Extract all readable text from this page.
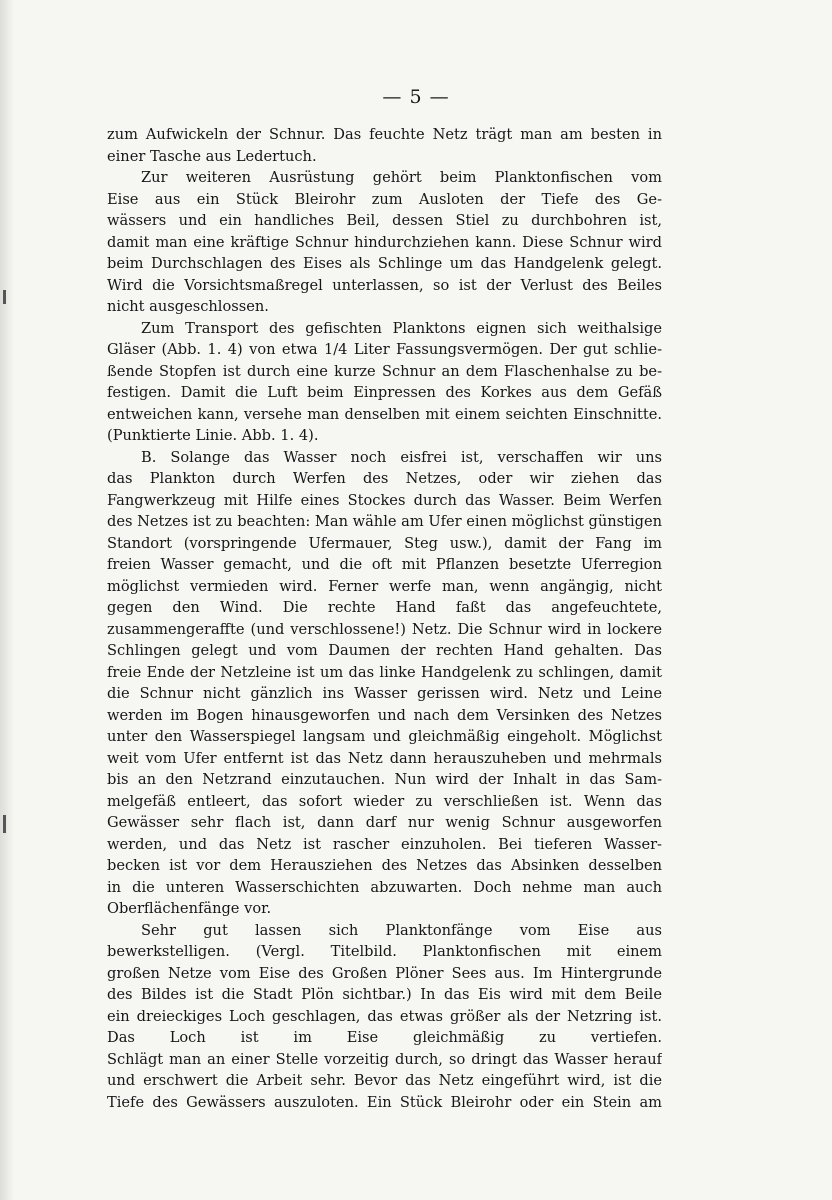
— 5 —
zum Aufwickeln der Schnur. Das feuchte Netz trägt man am besten in
einer Tasche aus Ledertuch.
Zur weiteren Ausrüstung gehört beim Planktonfischen vom
Eise aus ein Stück Bleirohr zum Ausloten der Tiefe des Ge-
wässers und ein handliches Beil, dessen Stiel zu durchbohren ist,
damit man eine kräftige Schnur hindurchziehen kann. Diese Schnur wird
beim Durchschlagen des Eises als Schlinge um das Handgelenk gelegt.
Wird die Vorsichtsmaßregel unterlassen, so ist der Verlust des Beiles
nicht ausgeschlossen.
Zum Transport des gefischten Planktons eignen sich weithalsige
Gläser (Abb. 1. 4) von etwa 1/4 Liter Fassungsvermögen. Der gut schlie-
ßende Stopfen ist durch eine kurze Schnur an dem Flaschenhalse zu be-
festigen. Damit die Luft beim Einpressen des Korkes aus dem Gefäß
entweichen kann, versehe man denselben mit einem seichten Einschnitte.
(Punktierte Linie. Abb. 1. 4).
B. Solange das Wasser noch eisfrei ist, verschaffen wir uns
das Plankton durch Werfen des Netzes, oder wir ziehen das
Fangwerkzeug mit Hilfe eines Stockes durch das Wasser. Beim Werfen
des Netzes ist zu beachten: Man wähle am Ufer einen möglichst günstigen
Standort (vorspringende Ufermauer, Steg usw.), damit der Fang im
freien Wasser gemacht, und die oft mit Pflanzen besetzte Uferregion
möglichst vermieden wird. Ferner werfe man, wenn angängig, nicht
gegen den Wind. Die rechte Hand faßt das angefeuchtete,
zusammengeraffte (und verschlossene!) Netz. Die Schnur wird in lockere
Schlingen gelegt und vom Daumen der rechten Hand gehalten. Das
freie Ende der Netzleine ist um das linke Handgelenk zu schlingen, damit
die Schnur nicht gänzlich ins Wasser gerissen wird. Netz und Leine
werden im Bogen hinausgeworfen und nach dem Versinken des Netzes
unter den Wasserspiegel langsam und gleichmäßig eingeholt. Möglichst
weit vom Ufer entfernt ist das Netz dann herauszuheben und mehrmals
bis an den Netzrand einzutauchen. Nun wird der Inhalt in das Sam-
melgefäß entleert, das sofort wieder zu verschließen ist. Wenn das
Gewässer sehr flach ist, dann darf nur wenig Schnur ausgeworfen
werden, und das Netz ist rascher einzuholen. Bei tieferen Wasser-
becken ist vor dem Herausziehen des Netzes das Absinken desselben
in die unteren Wasserschichten abzuwarten. Doch nehme man auch
Oberflächenfänge vor.
Sehr gut lassen sich Planktonfänge vom Eise aus
bewerkstelligen. (Vergl. Titelbild. Planktonfischen mit einem
großen Netze vom Eise des Großen Plöner Sees aus. Im Hintergrunde
des Bildes ist die Stadt Plön sichtbar.) In das Eis wird mit dem Beile
ein dreieckiges Loch geschlagen, das etwas größer als der Netzring ist.
Das Loch ist im Eise gleichmäßig zu vertiefen.
Schlägt man an einer Stelle vorzeitig durch, so dringt das Wasser herauf
und erschwert die Arbeit sehr. Bevor das Netz eingeführt wird, ist die
Tiefe des Gewässers auszuloten. Ein Stück Bleirohr oder ein Stein am
